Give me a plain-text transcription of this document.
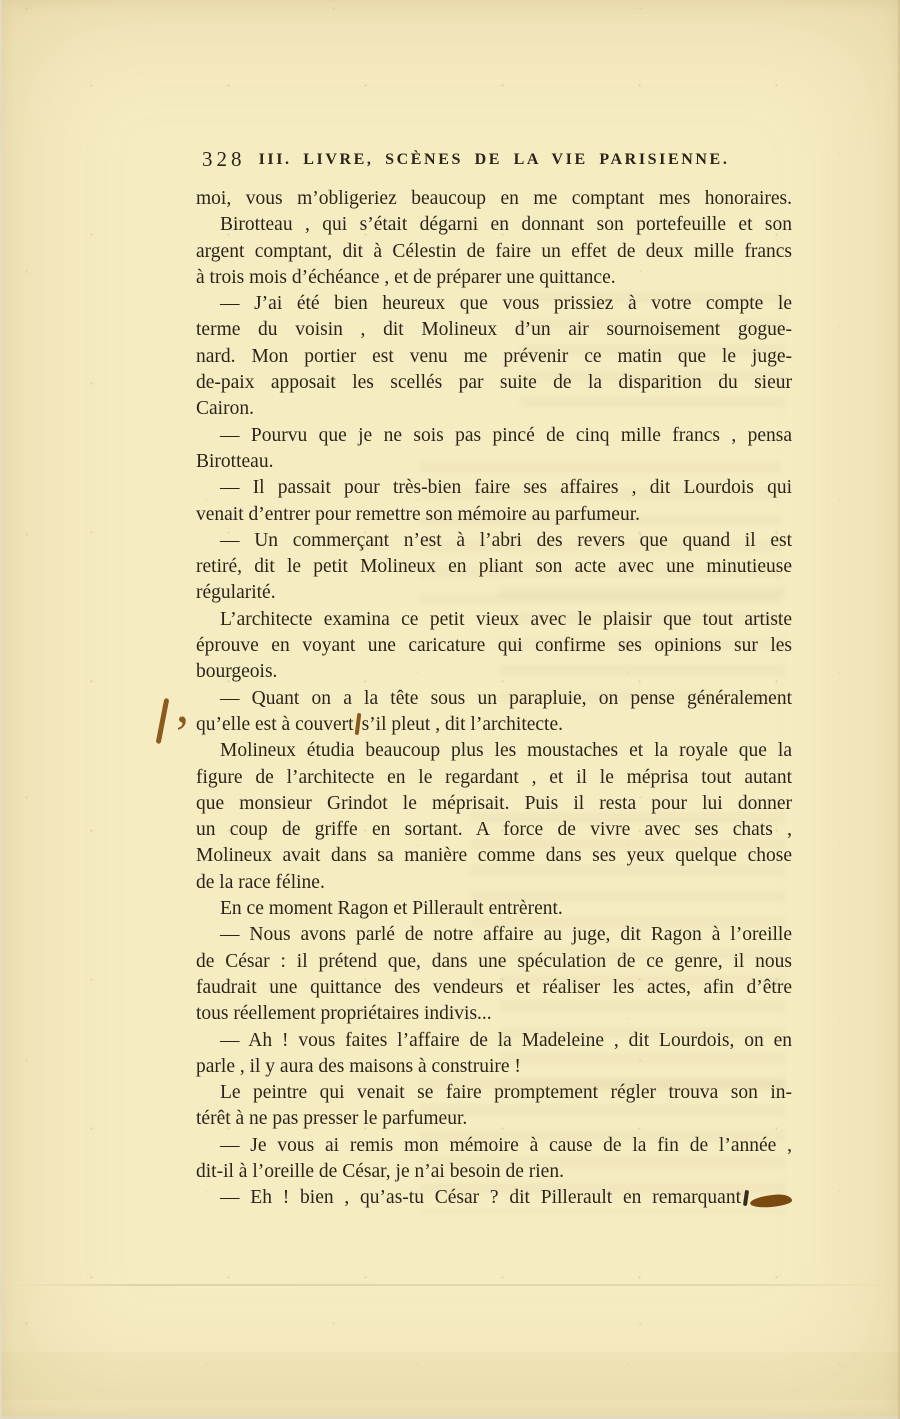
328 III. LIVRE, SCÈNES DE LA VIE PARISIENNE.
moi, vous m’obligeriez beaucoup en me comptant mes honoraires.
Birotteau , qui s’était dégarni en donnant son portefeuille et son
argent comptant, dit à Célestin de faire un effet de deux mille francs
à trois mois d’échéance , et de préparer une quittance.
— J’ai été bien heureux que vous prissiez à votre compte le
terme du voisin , dit Molineux d’un air sournoisement gogue-
nard. Mon portier est venu me prévenir ce matin que le juge-
de-paix apposait les scellés par suite de la disparition du sieur
Cairon.
— Pourvu que je ne sois pas pincé de cinq mille francs , pensa
Birotteau.
— Il passait pour très-bien faire ses affaires , dit Lourdois qui
venait d’entrer pour remettre son mémoire au parfumeur.
— Un commerçant n’est à l’abri des revers que quand il est
retiré, dit le petit Molineux en pliant son acte avec une minutieuse
régularité.
L’architecte examina ce petit vieux avec le plaisir que tout artiste
éprouve en voyant une caricature qui confirme ses opinions sur les
bourgeois.
— Quant on a la tête sous un parapluie, on pense généralement
qu’elle est à couvert s’il pleut , dit l’architecte.
Molineux étudia beaucoup plus les moustaches et la royale que la
figure de l’architecte en le regardant , et il le méprisa tout autant
que monsieur Grindot le méprisait. Puis il resta pour lui donner
un coup de griffe en sortant. A force de vivre avec ses chats ,
Molineux avait dans sa manière comme dans ses yeux quelque chose
de la race féline.
En ce moment Ragon et Pillerault entrèrent.
— Nous avons parlé de notre affaire au juge, dit Ragon à l’oreille
de César : il prétend que, dans une spéculation de ce genre, il nous
faudrait une quittance des vendeurs et réaliser les actes, afin d’être
tous réellement propriétaires indivis...
— Ah ! vous faites l’affaire de la Madeleine , dit Lourdois, on en
parle , il y aura des maisons à construire !
Le peintre qui venait se faire promptement régler trouva son in-
térêt à ne pas presser le parfumeur.
— Je vous ai remis mon mémoire à cause de la fin de l’année ,
dit-il à l’oreille de César, je n’ai besoin de rien.
— Eh ! bien , qu’as-tu César ? dit Pillerault en remarquant
,
